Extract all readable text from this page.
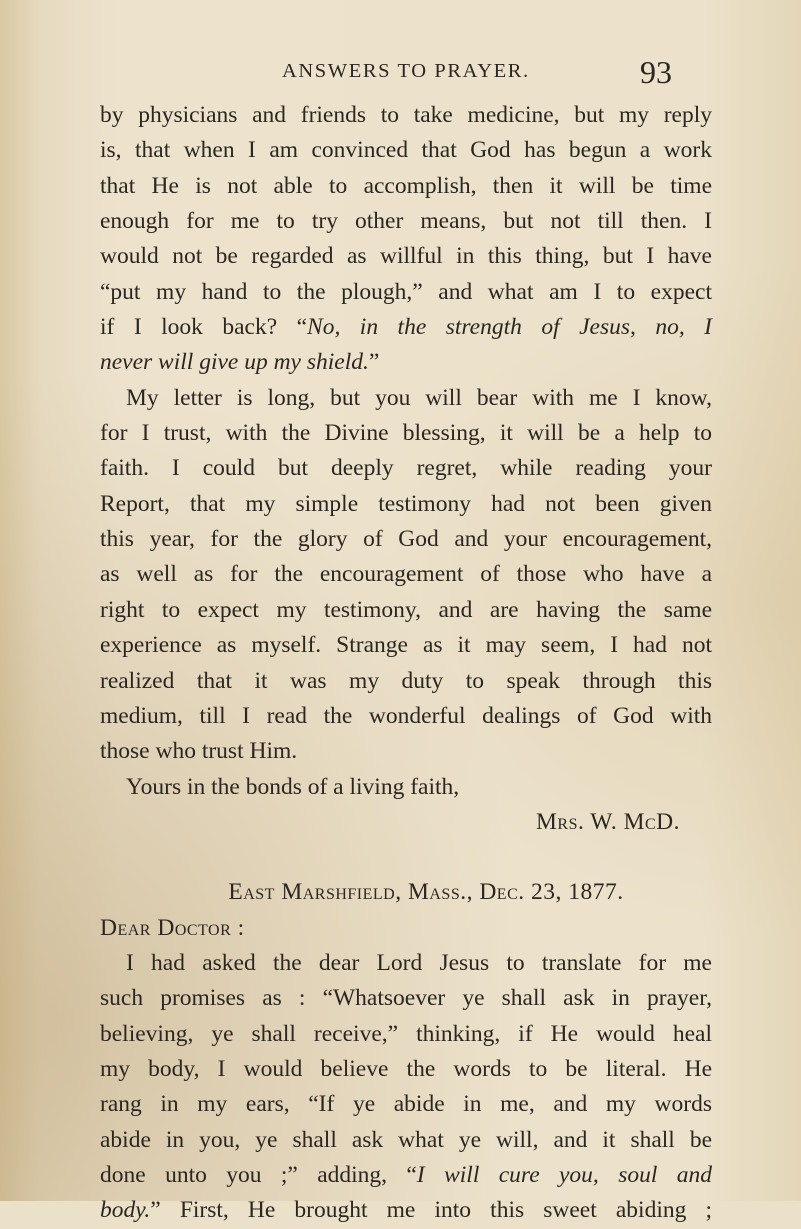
ANSWERS TO PRAYER.	93
by physicians and friends to take medicine, but my reply
is, that when I am convinced that God has begun a work
that He is not able to accomplish, then it will be time
enough for me to try other means, but not till then. I
would not be regarded as willful in this thing, but I have
“put my hand to the plough,” and what am I to expect
if I look back? “No, in the strength of Jesus, no, I
never will give up my shield.”
My letter is long, but you will bear with me I know,
for I trust, with the Divine blessing, it will be a help to
faith. I could but deeply regret, while reading your
Report, that my simple testimony had not been given
this year, for the glory of God and your encouragement,
as well as for the encouragement of those who have a
right to expect my testimony, and are having the same
experience as myself. Strange as it may seem, I had not
realized that it was my duty to speak through this
medium, till I read the wonderful dealings of God with
those who trust Him.
Yours in the bonds of a living faith,
Mrs. W. McD.
East Marshfield, Mass., Dec. 23, 1877.
Dear Doctor :
I had asked the dear Lord Jesus to translate for me
such promises as : “Whatsoever ye shall ask in prayer,
believing, ye shall receive,” thinking, if He would heal
my body, I would believe the words to be literal. He
rang in my ears, “If ye abide in me, and my words
abide in you, ye shall ask what ye will, and it shall be
done unto you ;” adding, “I will cure you, soul and
body.” First, He brought me into this sweet abiding ;
